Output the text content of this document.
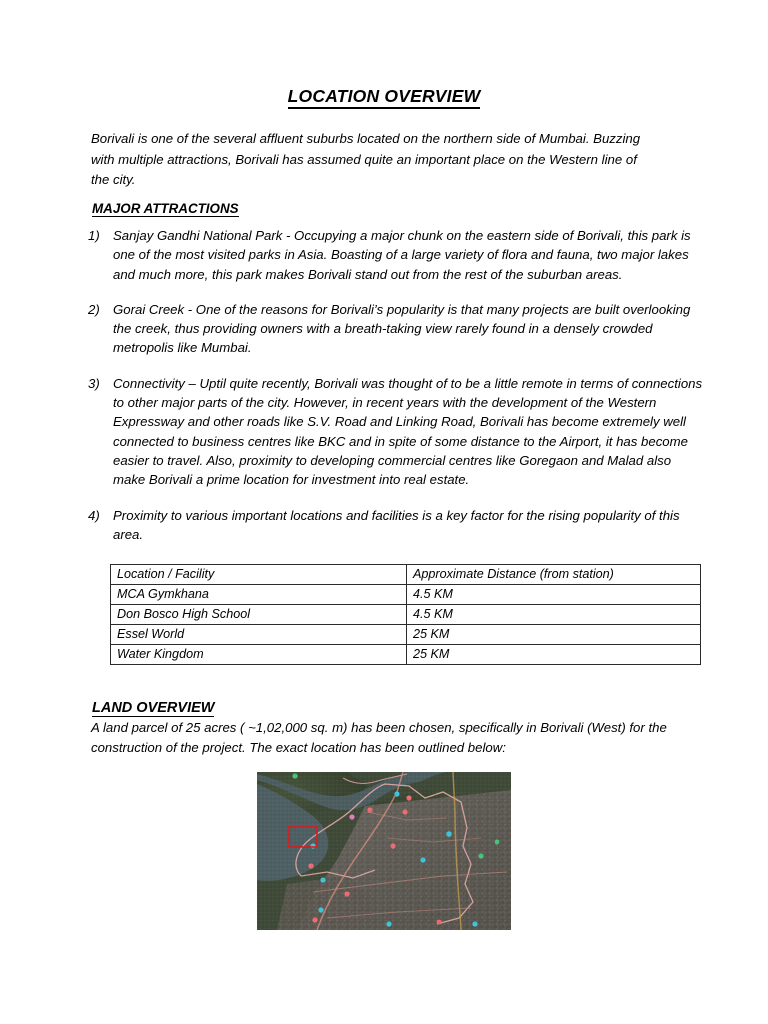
LOCATION OVERVIEW
Borivali is one of the several affluent suburbs located on the northern side of Mumbai. Buzzing with multiple attractions, Borivali has assumed quite an important place on the Western line of the city.
MAJOR ATTRACTIONS
1) Sanjay Gandhi National Park - Occupying a major chunk on the eastern side of Borivali, this park is one of the most visited parks in Asia. Boasting of a large variety of flora and fauna, two major lakes and much more, this park makes Borivali stand out from the rest of the suburban areas.
2) Gorai Creek - One of the reasons for Borivali’s popularity is that many projects are built overlooking the creek, thus providing owners with a breath-taking view rarely found in a densely crowded metropolis like Mumbai.
3) Connectivity – Uptil quite recently, Borivali was thought of to be a little remote in terms of connections to other major parts of the city. However, in recent years with the development of the Western Expressway and other roads like S.V. Road and Linking Road, Borivali has become extremely well connected to business centres like BKC and in spite of some distance to the Airport, it has become easier to travel. Also, proximity to developing commercial centres like Goregaon and Malad also make Borivali a prime location for investment into real estate.
4) Proximity to various important locations and facilities is a key factor for the rising popularity of this area.
Location / Facility	Approximate Distance (from station)
MCA Gymkhana	4.5 KM
Don Bosco High School	4.5 KM
Essel World	25 KM
Water Kingdom	25 KM
LAND OVERVIEW
A land parcel of 25 acres ( ~1,02,000 sq. m) has been chosen, specifically in Borivali (West) for the construction of the project. The exact location has been outlined below:
